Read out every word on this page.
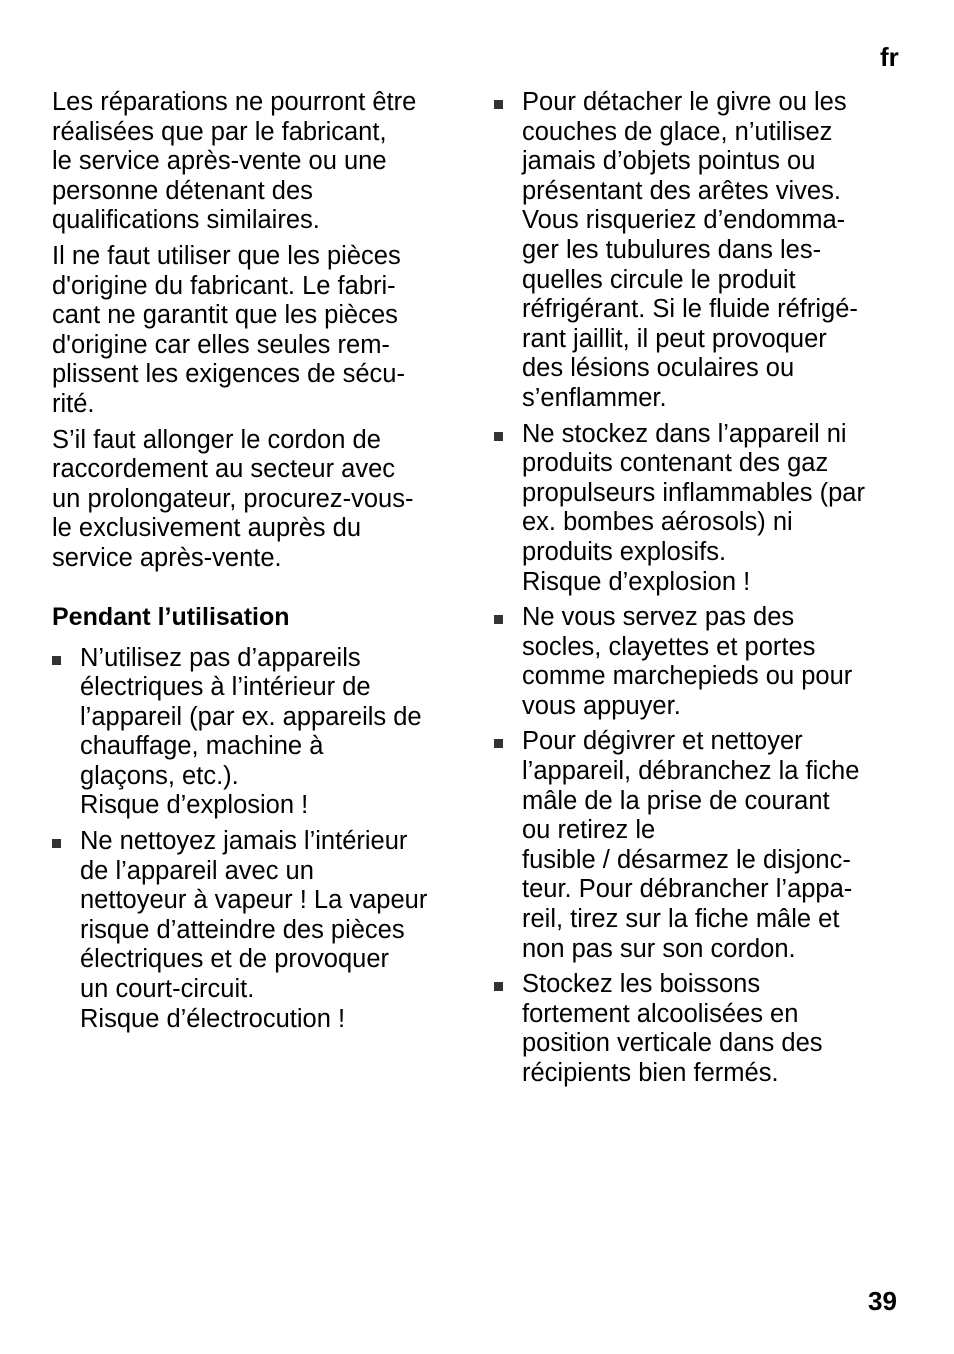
fr

Les réparations ne pourront être
réalisées que par le fabricant,
le service après-vente ou une
personne détenant des
qualifications similaires.

Il ne faut utiliser que les pièces
d'origine du fabricant. Le fabri-
cant ne garantit que les pièces
d'origine car elles seules rem-
plissent les exigences de sécu-
rité.

S’il faut allonger le cordon de
raccordement au secteur avec
un prolongateur, procurez-vous-
le exclusivement auprès du
service après-vente.

Pendant l’utilisation
N’utilisez pas d’appareils
électriques à l’intérieur de
l’appareil (par ex. appareils de
chauffage, machine à
glaçons, etc.).
Risque d’explosion !
Ne nettoyez jamais l’intérieur
de l’appareil avec un
nettoyeur à vapeur ! La vapeur
risque d’atteindre des pièces
électriques et de provoquer
un court-circuit.
Risque d’électrocution !
Pour détacher le givre ou les
couches de glace, n’utilisez
jamais d’objets pointus ou
présentant des arêtes vives.
Vous risqueriez d’endomma-
ger les tubulures dans les-
quelles circule le produit
réfrigérant. Si le fluide réfrigé-
rant jaillit, il peut provoquer
des lésions oculaires ou
s’enflammer.
Ne stockez dans l’appareil ni
produits contenant des gaz
propulseurs inflammables (par
ex. bombes aérosols) ni
produits explosifs.
Risque d’explosion !
Ne vous servez pas des
socles, clayettes et portes
comme marchepieds ou pour
vous appuyer.
Pour dégivrer et nettoyer
l’appareil, débranchez la fiche
mâle de la prise de courant
ou retirez le
fusible / désarmez le disjonc-
teur. Pour débrancher l’appa-
reil, tirez sur la fiche mâle et
non pas sur son cordon.
Stockez les boissons
fortement alcoolisées en
position verticale dans des
récipients bien fermés.
39
